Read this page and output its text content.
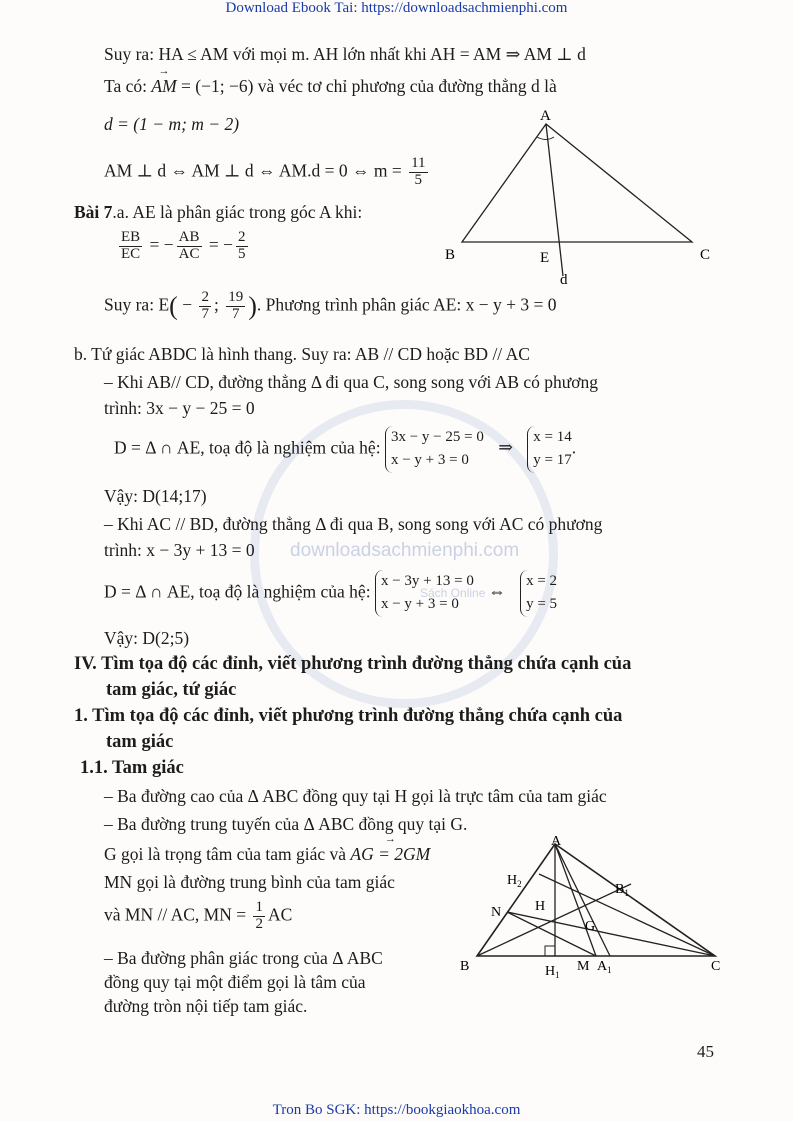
Download Ebook Tai: https://downloadsachmienphi.com
downloadsachmienphi.com
Sách Online
Suy ra: HA ≤ AM với mọi m. AH lớn nhất khi AH = AM ⇒ AM ⊥ d
Ta có: → AM = (−1; −6) và véc tơ chỉ phương của đường thẳng d là
d = (1 − m; m − 2)
AM ⊥ d ⇔ AM ⊥ d ⇔ AM.d = 0 ⇔ $m = \frac{11}{5}$
Bài 7.a. AE là phân giác trong góc A khi:
$\frac{EB}{EC}$ = − $\frac{AB}{AC}$ = − $\frac{2}{5}$
Suy ra: $E( - \frac{2}{7}$ ; $\frac{19}{7}$ ). Phương trình phân giác AE: x − y + 3 = 0
A
B	C
E
d
b. Tứ giác ABDC là hình thang. Suy ra: AB // CD hoặc BD // AC
– Khi AB// CD, đường thẳng Δ đi qua C, song song với AB có phương
trình: 3x − y − 25 = 0
D = Δ ∩ AE, toạ độ là nghiệm của hệ:
3x − y − 25 = 0
x − y + 3 = 0
⇒
x = 14
y = 17
.
Vậy: D(14;17)
– Khi AC // BD, đường thẳng Δ đi qua B, song song với AC có phương
trình: x − 3y + 13 = 0
D = Δ ∩ AE, toạ độ là nghiệm của hệ:
x − 3y + 13 = 0
x − y + 3 = 0
⇔
x = 2
y = 5
Vậy: D(2;5)
IV. Tìm tọa độ các đỉnh, viết phương trình đường thẳng chứa cạnh của
tam giác, tứ giác
1. Tìm tọa độ các đỉnh, viết phương trình đường thẳng chứa cạnh của
tam giác
1.1. Tam giác
– Ba đường cao của Δ ABC đồng quy tại H gọi là trực tâm của tam giác
– Ba đường trung tuyến của Δ ABC đồng quy tại G.
G gọi là trọng tâm của tam giác và → AG = 2GM
MN gọi là đường trung bình của tam giác
và MN // AC, MN = $\frac{1}{2}$ AC
– Ba đường phân giác trong của Δ ABC
đồng quy tại một điểm gọi là tâm của
đường tròn nội tiếp tam giác.
A
B	C
H
$H_1$
$H_2$	$B_1$
N
G
M $A_1$
45
Tron Bo SGK: https://bookgiaokhoa.com
